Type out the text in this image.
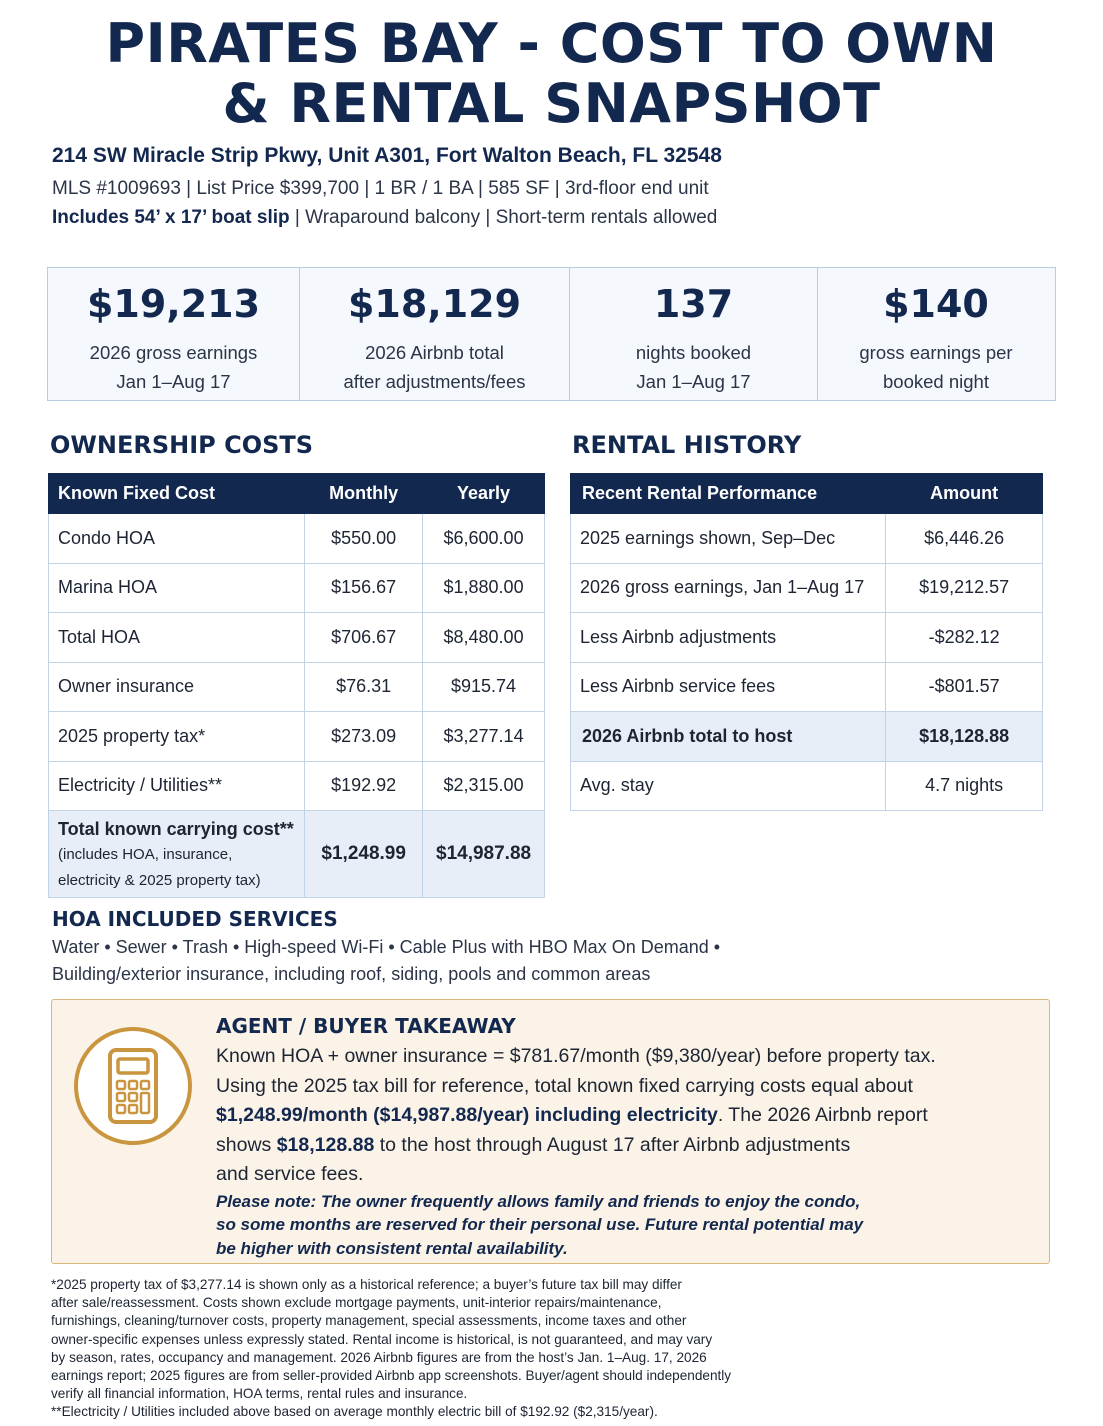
PIRATES BAY - COST TO OWN
& RENTAL SNAPSHOT
214 SW Miracle Strip Pkwy, Unit A301, Fort Walton Beach, FL 32548
MLS #1009693 | List Price $399,700 | 1 BR / 1 BA | 585 SF | 3rd-floor end unit
Includes 54’ x 17’ boat slip | Wraparound balcony | Short-term rentals allowed
$19,213
2026 gross earnings
Jan 1–Aug 17
$18,129
2026 Airbnb total
after adjustments/fees
137
nights booked
Jan 1–Aug 17
$140
gross earnings per
booked night
OWNERSHIP COSTS	RENTAL HISTORY
Known Fixed Cost	Monthly	Yearly
Condo HOA	$550.00	$6,600.00
Marina HOA	$156.67	$1,880.00
Total HOA	$706.67	$8,480.00
Owner insurance	$76.31	$915.74
2025 property tax*	$273.09	$3,277.14
Electricity / Utilities**	$192.92	$2,315.00
Total known carrying cost**
(includes HOA, insurance,
electricity & 2025 property tax)	$1,248.99	$14,987.88
Recent Rental Performance	Amount
2025 earnings shown, Sep–Dec	$6,446.26
2026 gross earnings, Jan 1–Aug 17	$19,212.57
Less Airbnb adjustments	-$282.12
Less Airbnb service fees	-$801.57
2026 Airbnb total to host	$18,128.88
Avg. stay	4.7 nights
HOA INCLUDED SERVICES
Water • Sewer • Trash • High-speed Wi-Fi • Cable Plus with HBO Max On Demand •
Building/exterior insurance, including roof, siding, pools and common areas
AGENT / BUYER TAKEAWAY
Known HOA + owner insurance = $781.67/month ($9,380/year) before property tax.
Using the 2025 tax bill for reference, total known fixed carrying costs equal about
$1,248.99/month ($14,987.88/year) including electricity. The 2026 Airbnb report
shows $18,128.88 to the host through August 17 after Airbnb adjustments
and service fees.
Please note: The owner frequently allows family and friends to enjoy the condo,
so some months are reserved for their personal use. Future rental potential may
be higher with consistent rental availability.
*2025 property tax of $3,277.14 is shown only as a historical reference; a buyer’s future tax bill may differ
after sale/reassessment. Costs shown exclude mortgage payments, unit-interior repairs/maintenance,
furnishings, cleaning/turnover costs, property management, special assessments, income taxes and other
owner-specific expenses unless expressly stated. Rental income is historical, is not guaranteed, and may vary
by season, rates, occupancy and management. 2026 Airbnb figures are from the host’s Jan. 1–Aug. 17, 2026
earnings report; 2025 figures are from seller-provided Airbnb app screenshots. Buyer/agent should independently
verify all financial information, HOA terms, rental rules and insurance.
**Electricity / Utilities included above based on average monthly electric bill of $192.92 ($2,315/year).
